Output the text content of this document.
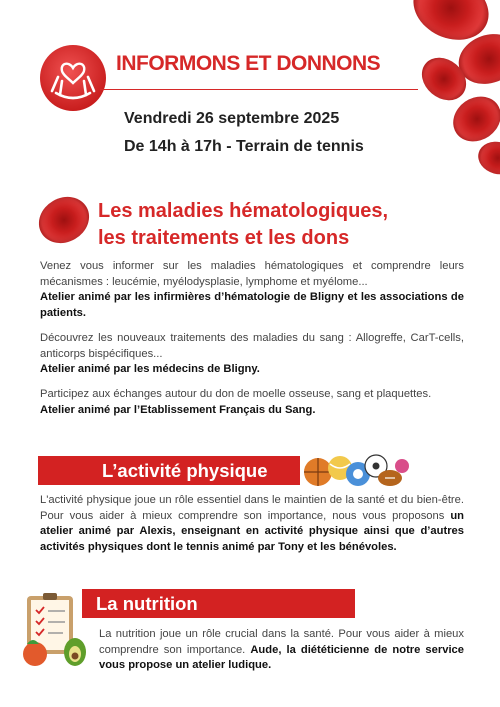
INFORMONS ET DONNONS
Vendredi 26 septembre 2025
De 14h à 17h - Terrain de tennis
Les maladies hématologiques,
les traitements et les dons

Venez vous informer sur les maladies hématologiques et comprendre leurs mécanismes : leucémie, myélodysplasie, lymphome et myélome...
Atelier animé par les infirmières d’hématologie de Bligny et les associations de patients.

Découvrez les nouveaux traitements des maladies du sang : Allogreffe, CarT-cells, anticorps bispécifiques...
Atelier animé par les médecins de Bligny.

Participez aux échanges autour du don de moelle osseuse, sang et plaquettes.
Atelier animé par l’Etablissement Français du Sang.

L’activité physique

L'activité physique joue un rôle essentiel dans le maintien de la santé et du bien-être. Pour vous aider à mieux comprendre son importance, nous vous proposons un atelier animé par Alexis, enseignant en activité physique ainsi que d’autres activités physiques dont le tennis animé par Tony et les bénévoles.

La nutrition

La nutrition joue un rôle crucial dans la santé. Pour vous aider à mieux comprendre son importance. Aude, la diététicienne de notre service vous propose un atelier ludique.
